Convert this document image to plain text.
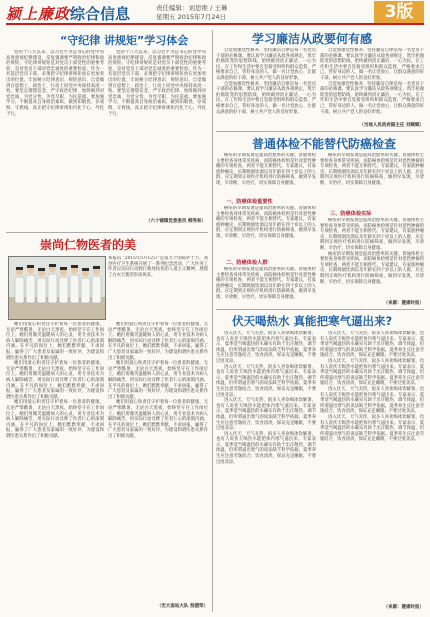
颍上廉政 综合信息	责任编辑：刘思维 / 王琳
星期五 2015年7月24日	3版
“守纪律 讲规矩”学习体会

党的十八大以来，以习近平为总书记的党中央高度重视纪律建设，反复强调要严明政治纪律和政治规矩。守纪律讲规矩是对党员干部党性的重要考验，是对党员干部对党忠诚度的重要检验。作为一名基层党员干部，必须把守纪律讲规矩放在更加突出的位置，牢固树立纪律意识、规矩意识，自觉做到在思想上、政治上、行动上同党中央保持高度一致。要坚定理想信念，严守政治纪律，始终做到对党忠诚、为党分忧、为党尽职、为民造福。要加强学习，不断提高自身政治素质，做到知敬畏、存戒惧、守底线，真正把守纪律讲规矩内化于心、外化于行。

党的十八大以来，以习近平为总书记的党中央高度重视纪律建设，反复强调要严明政治纪律和政治规矩。守纪律讲规矩是对党员干部党性的重要考验，是对党员干部对党忠诚度的重要检验。作为一名基层党员干部，必须把守纪律讲规矩放在更加突出的位置，牢固树立纪律意识、规矩意识，自觉做到在思想上、政治上、行动上同党中央保持高度一致。要坚定理想信念，严守政治纪律，始终做到对党忠诚、为党分忧、为党尽职、为民造福。要加强学习，不断提高自身政治素质，做到知敬畏、存戒惧、守底线，真正把守纪律讲规矩内化于心、外化于行。

（六十铺镇党委委员 柳秀和）
崇尚仁物医者的美
本报讯 “2015年5月12日”是第九个国际护士节，我县医疗卫生系统开展了一系列纪念活动，广大医务工作者以实际行动践行救死扶伤的人道主义精神，展现了白衣天使的崇高风采。

她们用爱心和责任守护着每一位患者的健康，无论严寒酷暑，无论白天黑夜，始终坚守在工作岗位上。她们用微笑温暖病人的心灵，用专业技术为病人解除痛苦，用实际行动诠释了医者仁心的深刻内涵。在平凡的岗位上，她们默默奉献，不求回报，赢得了广大患者及家属的一致好评，为建设和谐医患关系作出了积极贡献。

她们用爱心和责任守护着每一位患者的健康，无论严寒酷暑，无论白天黑夜，始终坚守在工作岗位上。她们用微笑温暖病人的心灵，用专业技术为病人解除痛苦，用实际行动诠释了医者仁心的深刻内涵。在平凡的岗位上，她们默默奉献，不求回报，赢得了广大患者及家属的一致好评，为建设和谐医患关系作出了积极贡献。

她们用爱心和责任守护着每一位患者的健康，无论严寒酷暑，无论白天黑夜，始终坚守在工作岗位上。她们用微笑温暖病人的心灵，用专业技术为病人解除痛苦，用实际行动诠释了医者仁心的深刻内涵。在平凡的岗位上，她们默默奉献，不求回报，赢得了广大患者及家属的一致好评，为建设和谐医患关系作出了积极贡献。

她们用爱心和责任守护着每一位患者的健康，无论严寒酷暑，无论白天黑夜，始终坚守在工作岗位上。她们用微笑温暖病人的心灵，用专业技术为病人解除痛苦，用实际行动诠释了医者仁心的深刻内涵。在平凡的岗位上，她们默默奉献，不求回报，赢得了广大患者及家属的一致好评，为建设和谐医患关系作出了积极贡献。

她们用爱心和责任守护着每一位患者的健康，无论严寒酷暑，无论白天黑夜，始终坚守在工作岗位上。她们用微笑温暖病人的心灵，用专业技术为病人解除痛苦，用实际行动诠释了医者仁心的深刻内涵。在平凡的岗位上，她们默默奉献，不求回报，赢得了广大患者及家属的一致好评，为建设和谐医患关系作出了积极贡献。

她们用爱心和责任守护着每一位患者的健康，无论严寒酷暑，无论白天黑夜，始终坚守在工作岗位上。她们用微笑温暖病人的心灵，用专业技术为病人解除痛苦，用实际行动诠释了医者仁心的深刻内涵。在平凡的岗位上，她们默默奉献，不求回报，赢得了广大患者及家属的一致好评，为建设和谐医患关系作出了积极贡献。

（宏大南站大队 倪德荣）
学习廉洁从政要何有感

自觉加强党性修养、坚持廉洁自律是每一名党员干部的必修课。要认真学习廉洁从政各项规定，筑牢拒腐防变的思想防线，始终做到清正廉洁、一心为民。在工作和生活中要自觉接受组织和群众监督，严格要求自己，管好身边的人，做一名让党放心、让群众满意的好干部，树立共产党人的良好形象。

自觉加强党性修养、坚持廉洁自律是每一名党员干部的必修课。要认真学习廉洁从政各项规定，筑牢拒腐防变的思想防线，始终做到清正廉洁、一心为民。在工作和生活中要自觉接受组织和群众监督，严格要求自己，管好身边的人，做一名让党放心、让群众满意的好干部，树立共产党人的良好形象。

自觉加强党性修养、坚持廉洁自律是每一名党员干部的必修课。要认真学习廉洁从政各项规定，筑牢拒腐防变的思想防线，始终做到清正廉洁、一心为民。在工作和生活中要自觉接受组织和群众监督，严格要求自己，管好身边的人，做一名让党放心、让群众满意的好干部，树立共产党人的良好形象。

自觉加强党性修养、坚持廉洁自律是每一名党员干部的必修课。要认真学习廉洁从政各项规定，筑牢拒腐防变的思想防线，始终做到清正廉洁、一心为民。在工作和生活中要自觉接受组织和群众监督，严格要求自己，管好身边的人，做一名让党放心、让群众满意的好干部，树立共产党人的良好形象。

（当地人民政府副主任 刘赋赋）
普通体检不能替代防癌检查

癌症的早期发现是提高治愈率的关键。普通体检主要检查身体常见疾病，而防癌体检则是针对恶性肿瘤的专项检查，两者不能互相替代。专家建议，有家族肿瘤史、长期吸烟饮酒以及年龄在四十岁以上的人群，应定期到正规医疗机构进行防癌筛查，做到早发现、早诊断、早治疗，切实保障自身健康。

一、防癌体检重要性

癌症的早期发现是提高治愈率的关键。普通体检主要检查身体常见疾病，而防癌体检则是针对恶性肿瘤的专项检查，两者不能互相替代。专家建议，有家族肿瘤史、长期吸烟饮酒以及年龄在四十岁以上的人群，应定期到正规医疗机构进行防癌筛查，做到早发现、早诊断、早治疗，切实保障自身健康。

二、防癌体检人群

癌症的早期发现是提高治愈率的关键。普通体检主要检查身体常见疾病，而防癌体检则是针对恶性肿瘤的专项检查，两者不能互相替代。专家建议，有家族肿瘤史、长期吸烟饮酒以及年龄在四十岁以上的人群，应定期到正规医疗机构进行防癌筛查，做到早发现、早诊断、早治疗，切实保障自身健康。

癌症的早期发现是提高治愈率的关键。普通体检主要检查身体常见疾病，而防癌体检则是针对恶性肿瘤的专项检查，两者不能互相替代。专家建议，有家族肿瘤史、长期吸烟饮酒以及年龄在四十岁以上的人群，应定期到正规医疗机构进行防癌筛查，做到早发现、早诊断、早治疗，切实保障自身健康。

三、防癌体检实际

癌症的早期发现是提高治愈率的关键。普通体检主要检查身体常见疾病，而防癌体检则是针对恶性肿瘤的专项检查，两者不能互相替代。专家建议，有家族肿瘤史、长期吸烟饮酒以及年龄在四十岁以上的人群，应定期到正规医疗机构进行防癌筛查，做到早发现、早诊断、早治疗，切实保障自身健康。

癌症的早期发现是提高治愈率的关键。普通体检主要检查身体常见疾病，而防癌体检则是针对恶性肿瘤的专项检查，两者不能互相替代。专家建议，有家族肿瘤史、长期吸烟饮酒以及年龄在四十岁以上的人群，应定期到正规医疗机构进行防癌筛查，做到早发现、早诊断、早治疗，切实保障自身健康。

（来源：健康时报）
伏天喝热水 真能把寒气逼出来?

进入伏天，天气炎热，很多人喜欢喝冰饮解暑，也有人说伏天喝热水能把体内寒气逼出来。专家表示，夏季适当喝温热的水确实有助于出汗散热、调节体温，但所谓逼出寒气的说法缺乏科学依据。夏季养生应注意劳逸结合、饮食清淡，保证充足睡眠，不要过度贪凉。

进入伏天，天气炎热，很多人喜欢喝冰饮解暑，也有人说伏天喝热水能把体内寒气逼出来。专家表示，夏季适当喝温热的水确实有助于出汗散热、调节体温，但所谓逼出寒气的说法缺乏科学依据。夏季养生应注意劳逸结合、饮食清淡，保证充足睡眠，不要过度贪凉。

进入伏天，天气炎热，很多人喜欢喝冰饮解暑，也有人说伏天喝热水能把体内寒气逼出来。专家表示，夏季适当喝温热的水确实有助于出汗散热、调节体温，但所谓逼出寒气的说法缺乏科学依据。夏季养生应注意劳逸结合、饮食清淡，保证充足睡眠，不要过度贪凉。

进入伏天，天气炎热，很多人喜欢喝冰饮解暑，也有人说伏天喝热水能把体内寒气逼出来。专家表示，夏季适当喝温热的水确实有助于出汗散热、调节体温，但所谓逼出寒气的说法缺乏科学依据。夏季养生应注意劳逸结合、饮食清淡，保证充足睡眠，不要过度贪凉。

进入伏天，天气炎热，很多人喜欢喝冰饮解暑，也有人说伏天喝热水能把体内寒气逼出来。专家表示，夏季适当喝温热的水确实有助于出汗散热、调节体温，但所谓逼出寒气的说法缺乏科学依据。夏季养生应注意劳逸结合、饮食清淡，保证充足睡眠，不要过度贪凉。

进入伏天，天气炎热，很多人喜欢喝冰饮解暑，也有人说伏天喝热水能把体内寒气逼出来。专家表示，夏季适当喝温热的水确实有助于出汗散热、调节体温，但所谓逼出寒气的说法缺乏科学依据。夏季养生应注意劳逸结合、饮食清淡，保证充足睡眠，不要过度贪凉。

进入伏天，天气炎热，很多人喜欢喝冰饮解暑，也有人说伏天喝热水能把体内寒气逼出来。专家表示，夏季适当喝温热的水确实有助于出汗散热、调节体温，但所谓逼出寒气的说法缺乏科学依据。夏季养生应注意劳逸结合、饮食清淡，保证充足睡眠，不要过度贪凉。

进入伏天，天气炎热，很多人喜欢喝冰饮解暑，也有人说伏天喝热水能把体内寒气逼出来。专家表示，夏季适当喝温热的水确实有助于出汗散热、调节体温，但所谓逼出寒气的说法缺乏科学依据。夏季养生应注意劳逸结合、饮食清淡，保证充足睡眠，不要过度贪凉。

（来源：健康时报）
